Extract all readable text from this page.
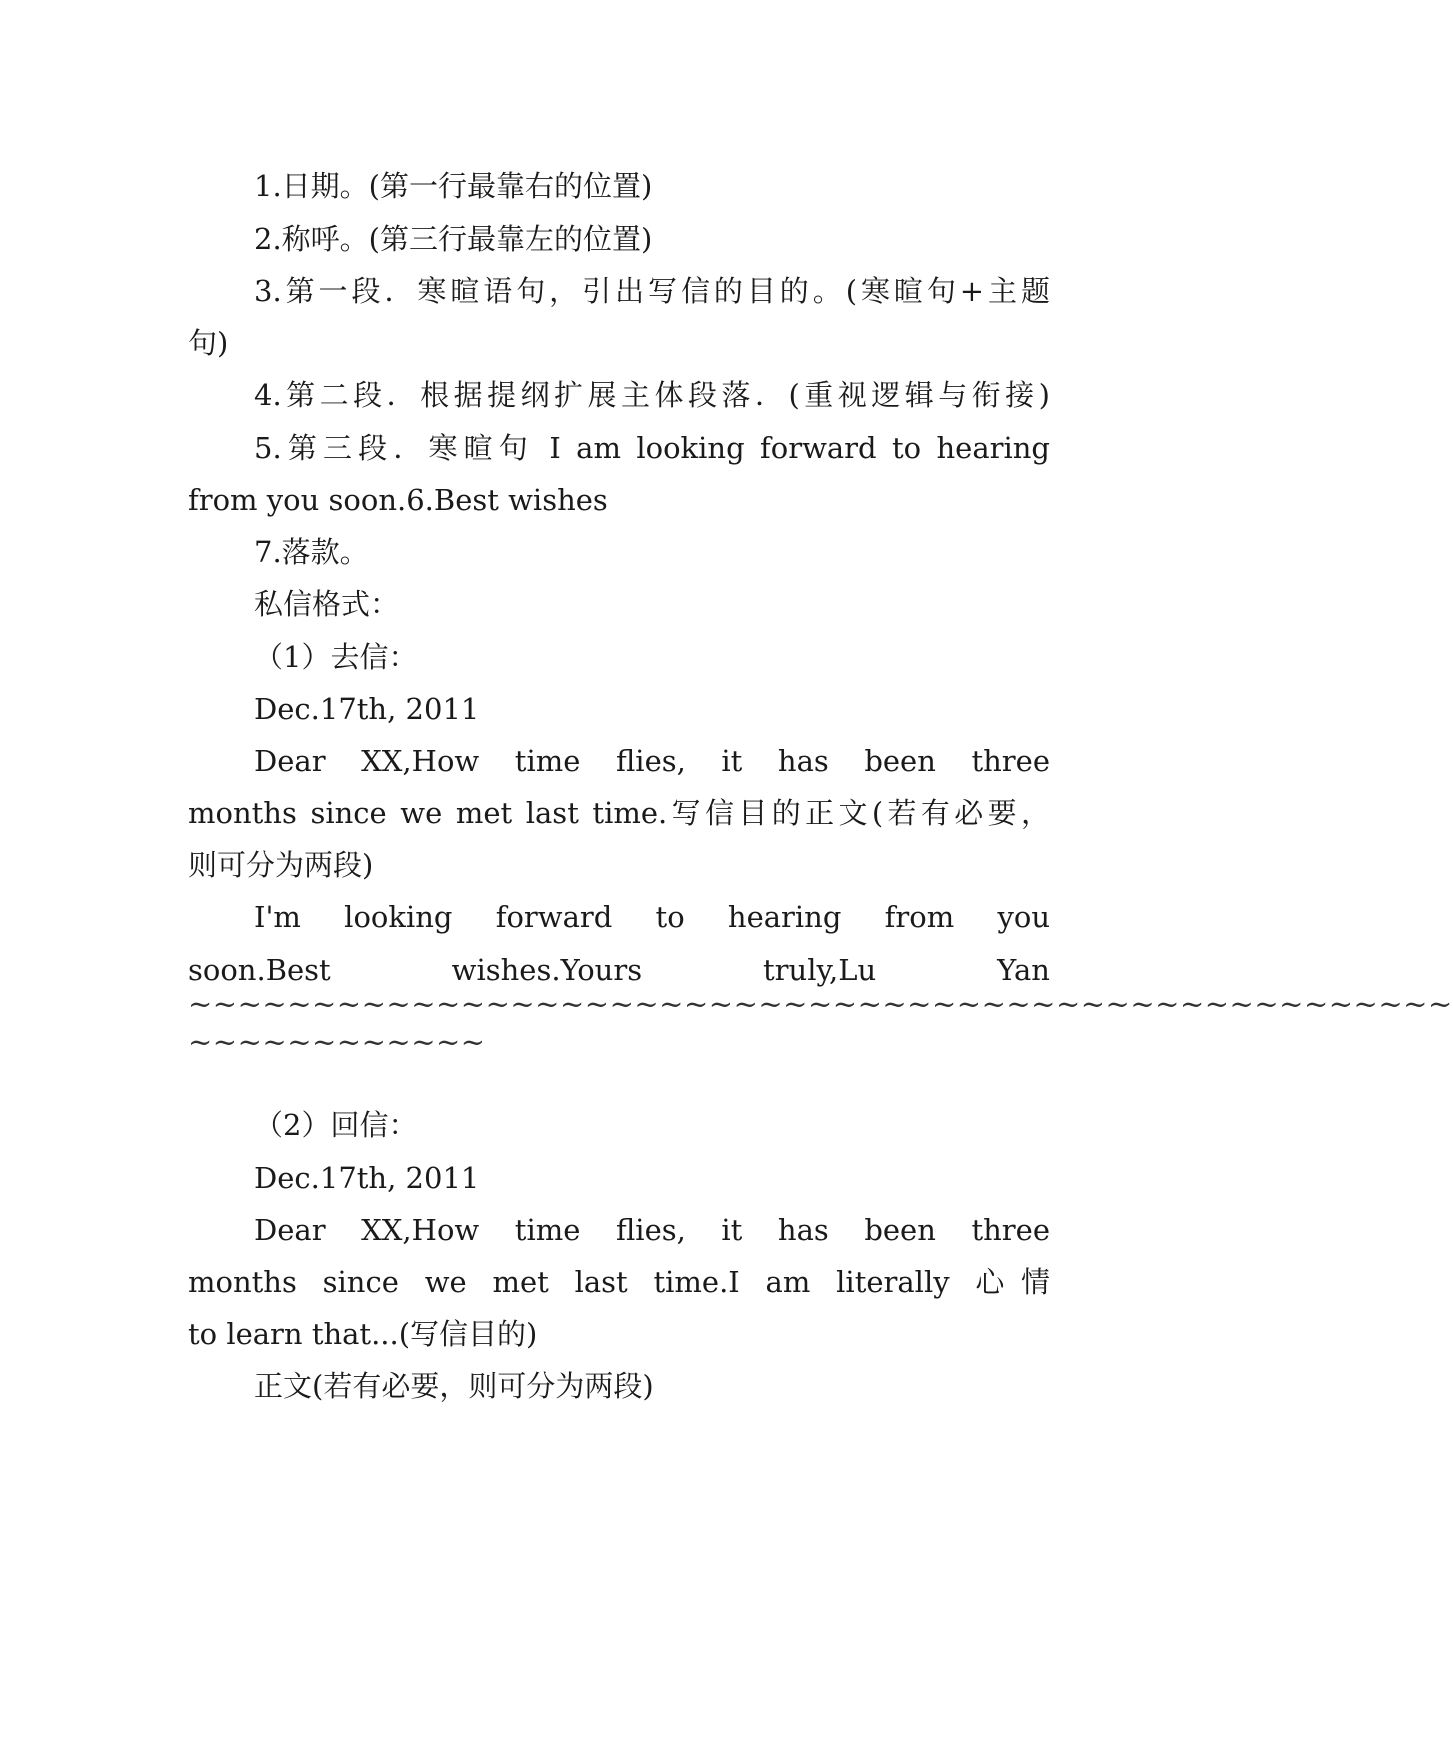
1.日期。(第一行最靠右的位置)
2.称呼。(第三行最靠左的位置)
3.第一段．寒暄语句，引出写信的目的。(寒暄句+主题
句)
4.第二段．根据提纲扩展主体段落．(重视逻辑与衔接)
5.第三段．寒暄句 I am looking forward to hearing
from you soon.6.Best wishes
7.落款。
私信格式：
（1）去信：
Dec.17th, 2011
Dear XX,How time flies, it has been three
months since we met last time.写信目的正文(若有必要，
则可分为两段)
I'm looking forward to hearing from you
soon.Best wishes.Yours truly,Lu Yan
~~~~~~~~~~~~~~~~~~~~~~~~~~~~~~~~~~~~~~~~~~~~~~~~~~~
~~~~~~~~~~~~
（2）回信：
Dec.17th, 2011
Dear XX,How time flies, it has been three
months since we met last time.I am literally 心情
to learn that...(写信目的)
正文(若有必要，则可分为两段)
